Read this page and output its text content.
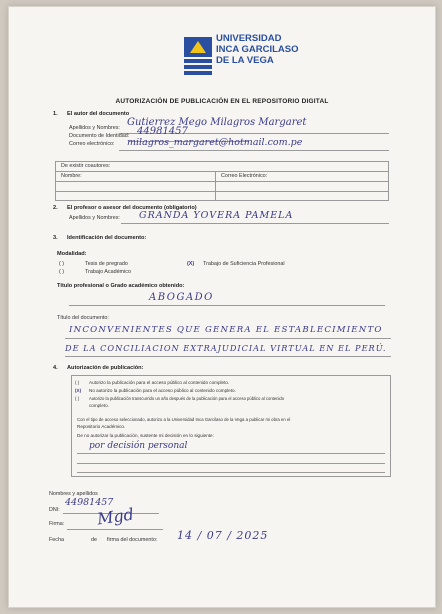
UNIVERSIDAD
INCA GARCILASO
DE LA VEGA
AUTORIZACIÓN DE PUBLICACIÓN EN EL REPOSITORIO DIGITAL
1. El autor del documento
Apellidos y Nombres: Gutierrez Mego Milagros Margaret
Documento de Identidad: 44981457
Correo electrónico: milagros_margaret@hotmail.com.pe
De existir coautores:
Nombre:	Correo Electrónico:
2. El profesor o asesor del documento (obligatorio)
Apellidos y Nombres: GRANDA YOVERA PAMELA
3. Identificación del documento:
Modalidad:
( )	Tesis de pregrado
( )	Trabajo Académico
(X) Trabajo de Suficiencia Profesional
Título profesional o Grado académico obtenido:
ABOGADO
Título del documento:
INCONVENIENTES QUE GENERA EL ESTABLECIMIENTO
DE LA CONCILIACION EXTRAJUDICIAL VIRTUAL EN EL PERÚ.
4. Autorización de publicación:
( ) Autorizo la publicación para el acceso público al contenido completo.
(X) No autorizo la publicación para el acceso público al contenido completo.
( ) Autorizo la publicación transcurrido un año después de la publicación para el acceso público al contenido
completo.
Con el tipo de acceso seleccionado, autorizo a la Universidad Inca Garcilaso de la Vega a publicar mi obra en el
Repositorio Académico.
De no autorizar la publicación, sustente mi decisión en lo siguiente:
por decisión personal
Nombres y apellidos
DNI:
44981457
Firma: Mgd
Fecha	de firma del documento: 14 / 07 / 2025
